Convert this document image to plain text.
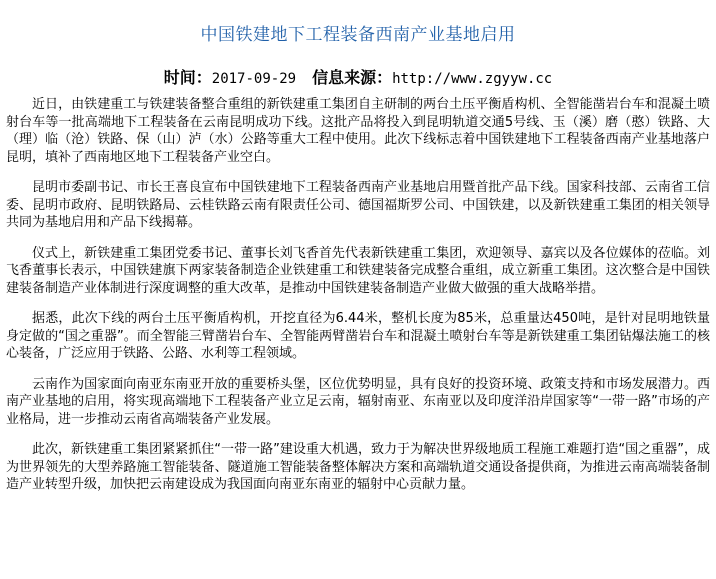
中国铁建地下工程装备西南产业基地启用
时间：2017-09-29 信息来源：http://www.zgyyw.cc

近日，由铁建重工与铁建装备整合重组的新铁建重工集团自主研制的两台土压平衡盾构机、全智能凿岩台车和混凝土喷射台车等一批高端地下工程装备在云南昆明成功下线。这批产品将投入到昆明轨道交通5号线、玉（溪）磨（憨）铁路、大（理）临（沧）铁路、保（山）泸（水）公路等重大工程中使用。此次下线标志着中国铁建地下工程装备西南产业基地落户昆明，填补了西南地区地下工程装备产业空白。

昆明市委副书记、市长王喜良宣布中国铁建地下工程装备西南产业基地启用暨首批产品下线。国家科技部、云南省工信委、昆明市政府、昆明铁路局、云桂铁路云南有限责任公司、德国福斯罗公司、中国铁建，以及新铁建重工集团的相关领导共同为基地启用和产品下线揭幕。

仪式上，新铁建重工集团党委书记、董事长刘飞香首先代表新铁建重工集团，欢迎领导、嘉宾以及各位媒体的莅临。刘飞香董事长表示，中国铁建旗下两家装备制造企业铁建重工和铁建装备完成整合重组，成立新重工集团。这次整合是中国铁建装备制造产业体制进行深度调整的重大改革，是推动中国铁建装备制造产业做大做强的重大战略举措。

据悉，此次下线的两台土压平衡盾构机，开挖直径为6.44米，整机长度为85米，总重量达450吨，是针对昆明地铁量身定做的“国之重器”。而全智能三臂凿岩台车、全智能两臂凿岩台车和混凝土喷射台车等是新铁建重工集团钻爆法施工的核心装备，广泛应用于铁路、公路、水利等工程领域。

云南作为国家面向南亚东南亚开放的重要桥头堡，区位优势明显，具有良好的投资环境、政策支持和市场发展潜力。西南产业基地的启用，将实现高端地下工程装备产业立足云南，辐射南亚、东南亚以及印度洋沿岸国家等“一带一路”市场的产业格局，进一步推动云南省高端装备产业发展。

此次，新铁建重工集团紧紧抓住“一带一路”建设重大机遇，致力于为解决世界级地质工程施工难题打造“国之重器”，成为世界领先的大型养路施工智能装备、隧道施工智能装备整体解决方案和高端轨道交通设备提供商，为推进云南高端装备制造产业转型升级，加快把云南建设成为我国面向南亚东南亚的辐射中心贡献力量。
